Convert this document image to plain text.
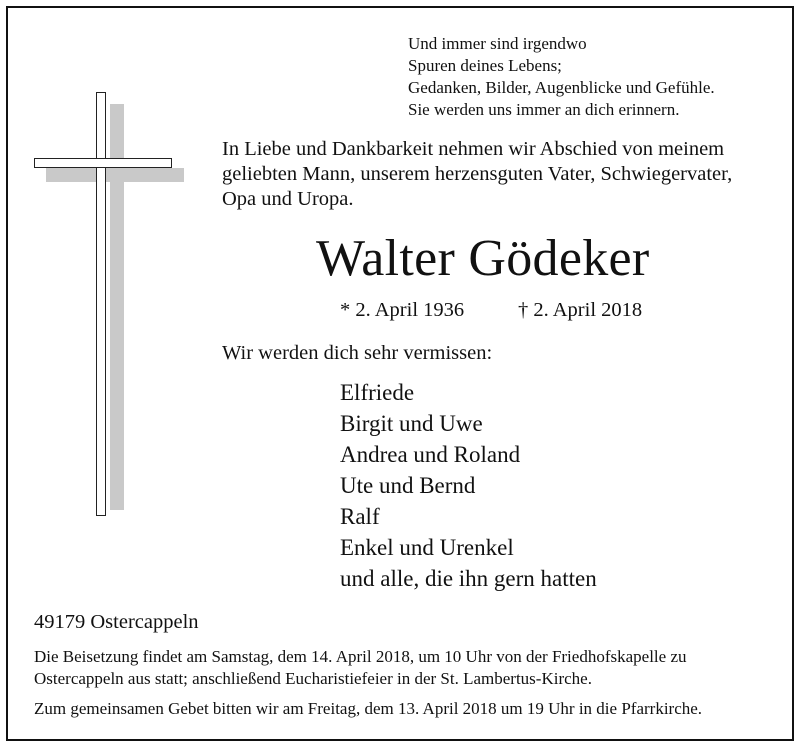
Und immer sind irgendwo
Spuren deines Lebens;
Gedanken, Bilder, Augenblicke und Gefühle.
Sie werden uns immer an dich erinnern.
In Liebe und Dankbarkeit nehmen wir Abschied von meinem
geliebten Mann, unserem herzensguten Vater, Schwiegervater,
Opa und Uropa.
Walter Gödeker
* 2. April 1936	† 2. April 2018
Wir werden dich sehr vermissen:
Elfriede
Birgit und Uwe
Andrea und Roland
Ute und Bernd
Ralf
Enkel und Urenkel
und alle, die ihn gern hatten
49179 Ostercappeln
Die Beisetzung findet am Samstag, dem 14. April 2018, um 10 Uhr von der Friedhofskapelle zu
Ostercappeln aus statt; anschließend Eucharistiefeier in der St. Lambertus-Kirche.
Zum gemeinsamen Gebet bitten wir am Freitag, dem 13. April 2018 um 19 Uhr in die Pfarrkirche.
